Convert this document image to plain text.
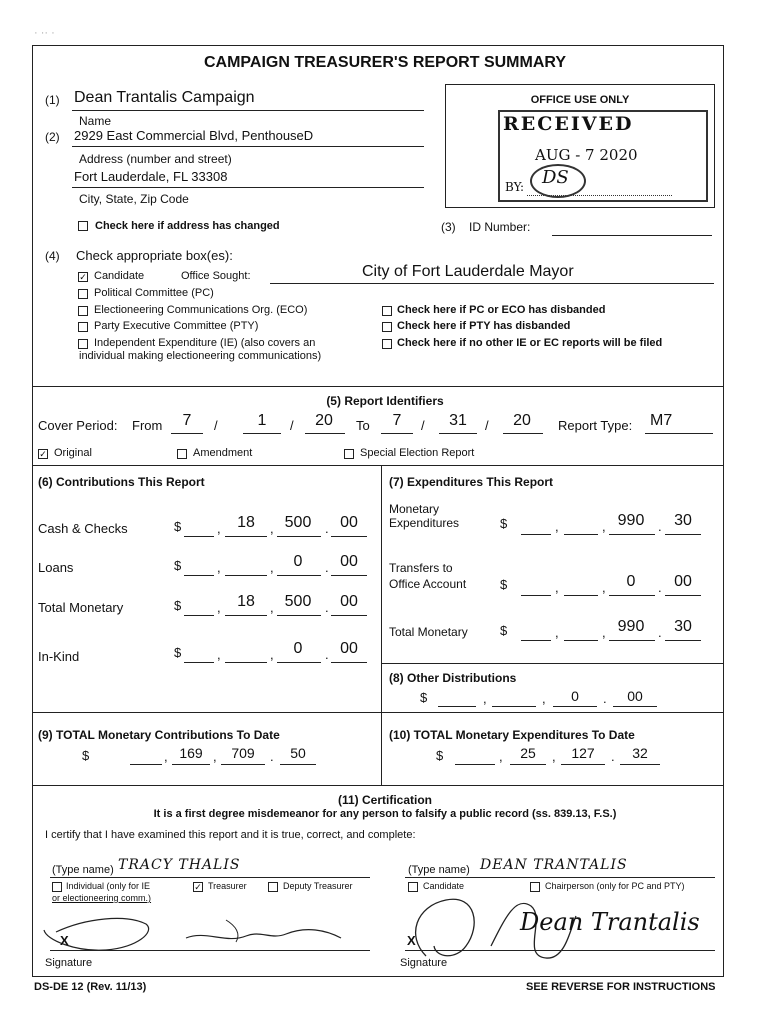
· ·· ·
CAMPAIGN TREASURER'S REPORT SUMMARY
(1) Dean Trantalis Campaign
Name
(2) 2929 East Commercial Blvd, PenthouseD
Address (number and street)
Fort Lauderdale, FL 33308
City, State, Zip Code
Check here if address has changed	(3) ID Number:
OFFICE USE ONLY
RECEIVED
AUG - 7 2020
BY: DS
(4) Check appropriate box(es):
✓ Candidate	Office Sought:	City of Fort Lauderdale Mayor
Political Committee (PC)
Electioneering Communications Org. (ECO)
Party Executive Committee (PTY)
Independent Expenditure (IE) (also covers an
individual making electioneering communications)
Check here if PC or ECO has disbanded
Check here if PTY has disbanded
Check here if no other IE or EC reports will be filed
(5) Report Identifiers
Cover Period: From	7	/	1	/	20	To	7	/	31	/	20	Report Type: M7
✓ Original	Amendment	Special Election Report
(6) Contributions This Report
Cash & Checks	$	,	18	, 500	. 00
Loans	$	,	,	0	. 00
Total Monetary	$	,	18	, 500	. 00
In-Kind	$	,	,	0	. 00
(7) Expenditures This Report
Monetary
Expenditures	$	,	, 990	. 30
Transfers to
Office Account	$	,	,	0	. 00
Total Monetary $	,	, 990	. 30
(8) Other Distributions
$	,	,	0	.	00
(9) TOTAL Monetary Contributions To Date
$	, 169 ,	709	.	50
(10) TOTAL Monetary Expenditures To Date
$	,	25	,	127	.	32
(11) Certification
It is a first degree misdemeanor for any person to falsify a public record (ss. 839.13, F.S.)
I certify that I have examined this report and it is true, correct, and complete:
(Type name) TRACY THALIS
Individual (only for IE
or electioneering comm.)
✓ Treasurer	Deputy Treasurer
X
Signature
(Type name) DEAN TRANTALIS
Candidate	Chairperson (only for PC and PTY)
Dean Trantalis
X
Signature
DS-DE 12 (Rev. 11/13)	SEE REVERSE FOR INSTRUCTIONS
